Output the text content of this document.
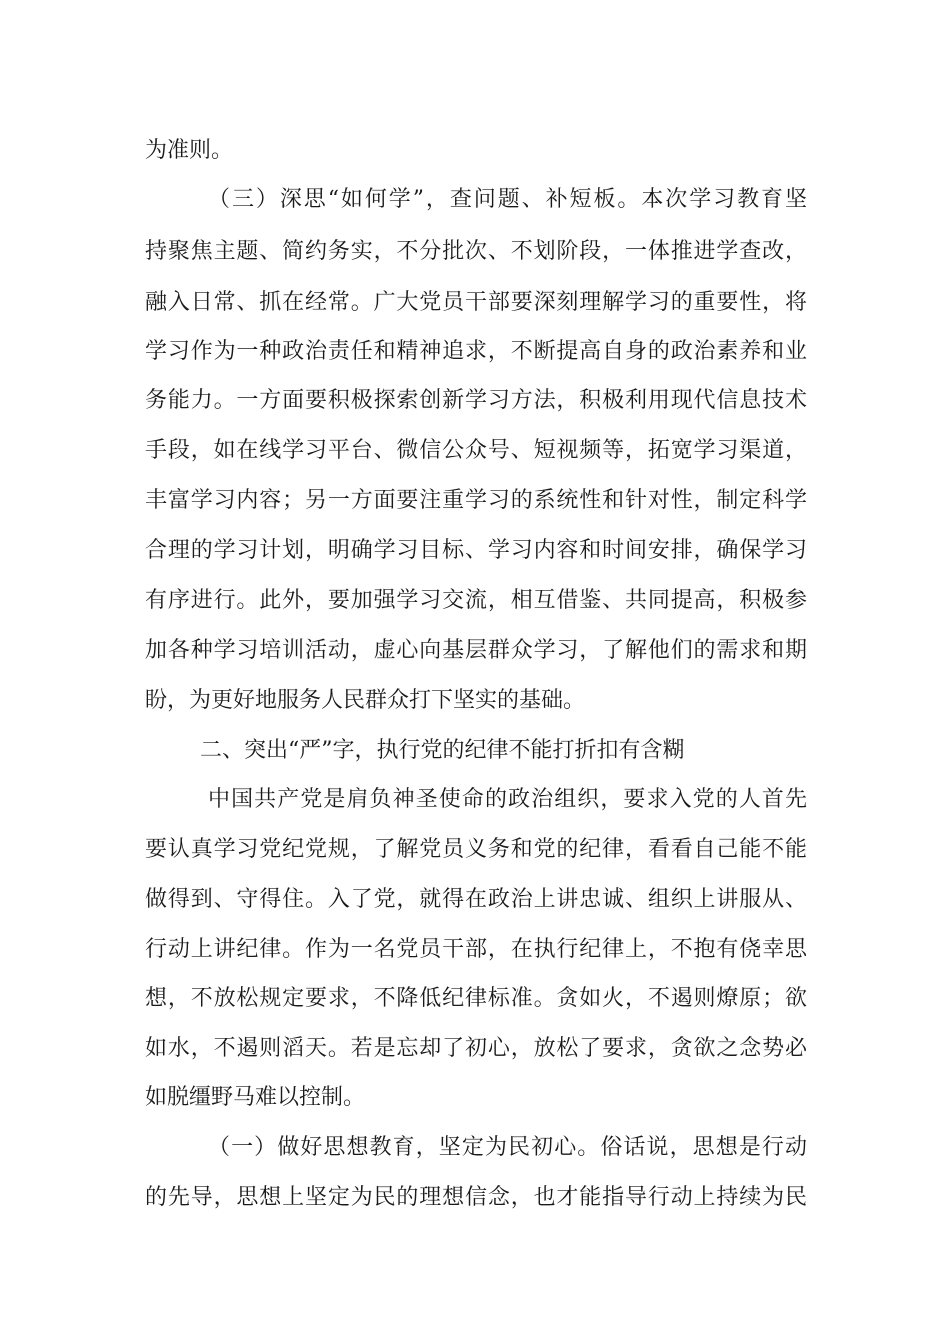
为准则。
（三）深思“如何学”，查问题、补短板。本次学习教育坚
持聚焦主题、简约务实，不分批次、不划阶段，一体推进学查改，
融入日常、抓在经常。广大党员干部要深刻理解学习的重要性，将
学习作为一种政治责任和精神追求，不断提高自身的政治素养和业
务能力。一方面要积极探索创新学习方法，积极利用现代信息技术
手段，如在线学习平台、微信公众号、短视频等，拓宽学习渠道，
丰富学习内容；另一方面要注重学习的系统性和针对性，制定科学
合理的学习计划，明确学习目标、学习内容和时间安排，确保学习
有序进行。此外，要加强学习交流，相互借鉴、共同提高，积极参
加各种学习培训活动，虚心向基层群众学习，了解他们的需求和期
盼，为更好地服务人民群众打下坚实的基础。
二、突出“严”字，执行党的纪律不能打折扣有含糊
中国共产党是肩负神圣使命的政治组织，要求入党的人首先
要认真学习党纪党规，了解党员义务和党的纪律，看看自己能不能
做得到、守得住。入了党，就得在政治上讲忠诚、组织上讲服从、
行动上讲纪律。作为一名党员干部，在执行纪律上，不抱有侥幸思
想，不放松规定要求，不降低纪律标准。贪如火，不遏则燎原；欲
如水，不遏则滔天。若是忘却了初心，放松了要求，贪欲之念势必
如脱缰野马难以控制。
（一）做好思想教育，坚定为民初心。俗话说，思想是行动
的先导，思想上坚定为民的理想信念，也才能指导行动上持续为民
